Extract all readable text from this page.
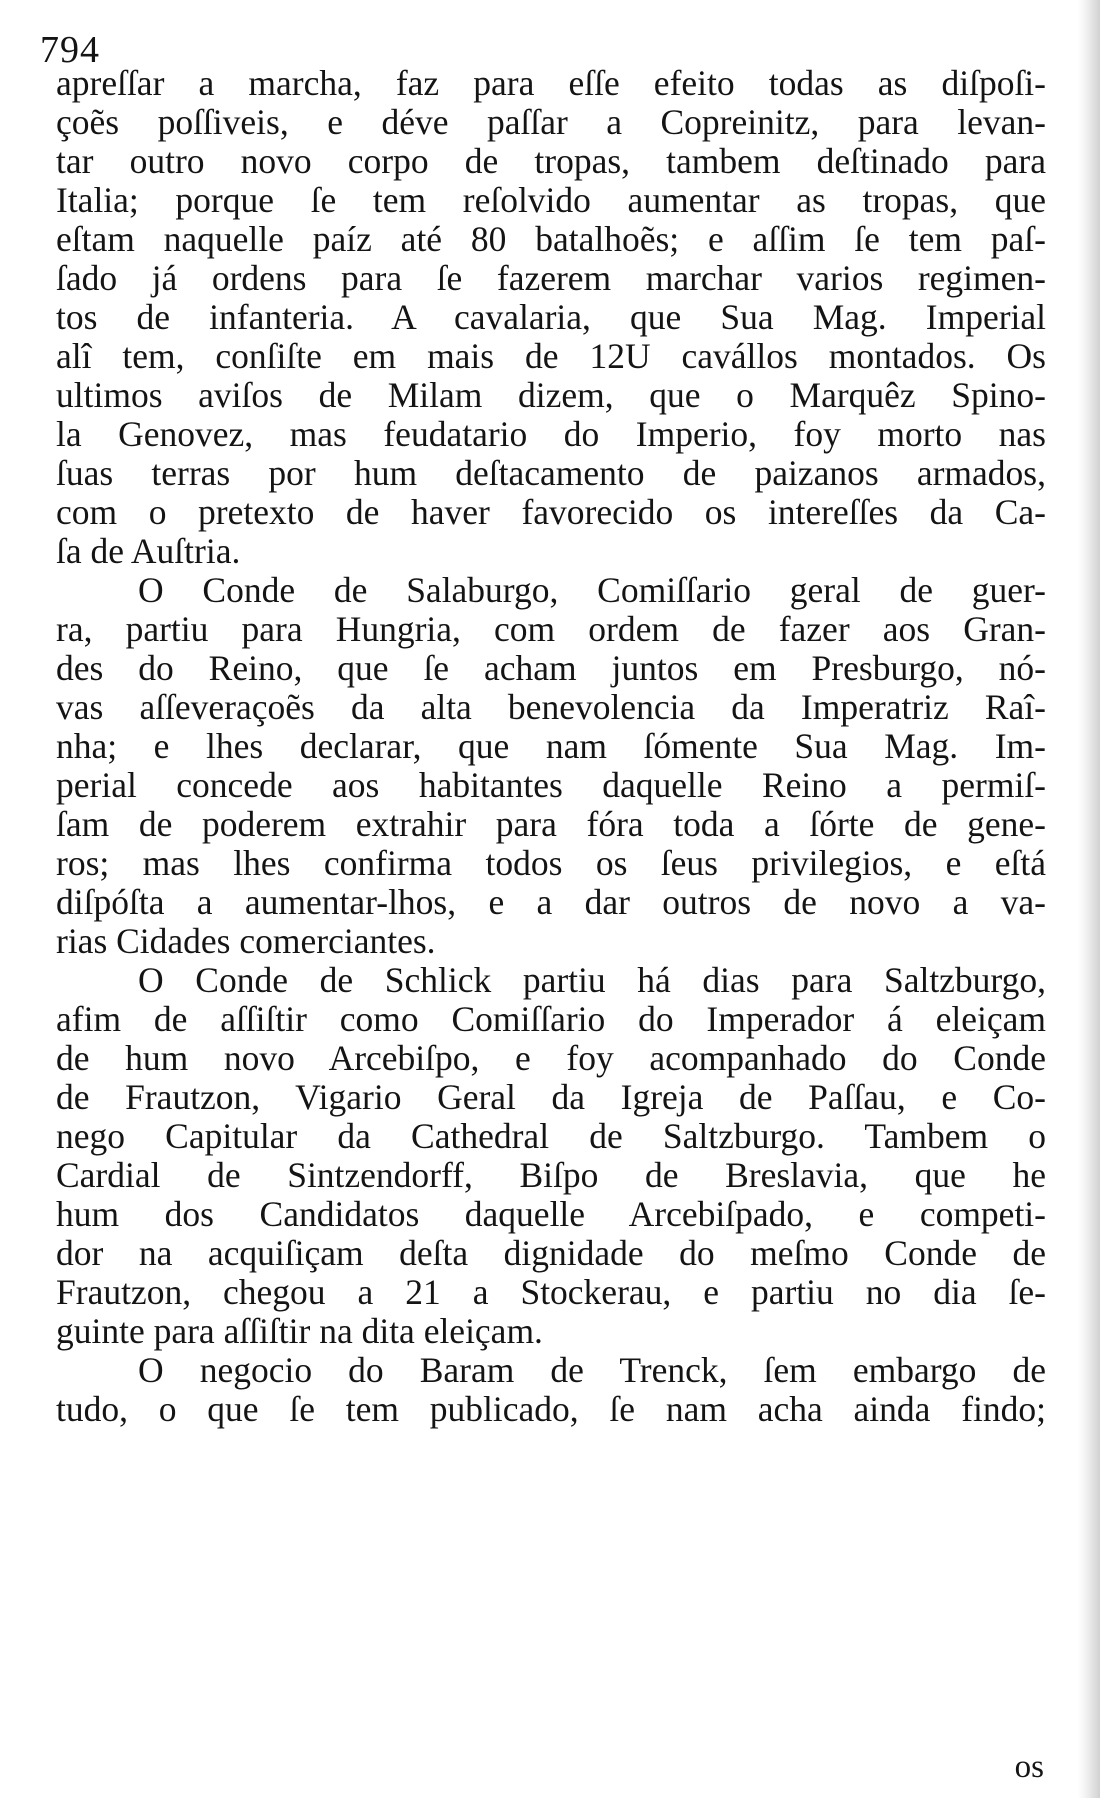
794

apreſſar a marcha, faz para eſſe efeito todas as diſpoſi-
çoẽs poſſiveis, e déve paſſar a Copreinitz, para levan-
tar outro novo corpo de tropas, tambem deſtinado para
Italia; porque ſe tem reſolvido aumentar as tropas, que
eſtam naquelle paíz até 80 batalhoẽs; e aſſim ſe tem paſ-
ſado já ordens para ſe fazerem marchar varios regimen-
tos de infanteria. A cavalaria, que Sua Mag. Imperial
alî tem, conſiſte em mais de 12U cavállos montados. Os
ultimos aviſos de Milam dizem, que o Marquêz Spino-
la Genovez, mas feudatario do Imperio, foy morto nas
ſuas terras por hum deſtacamento de paizanos armados,
com o pretexto de haver favorecido os intereſſes da Ca-
ſa de Auſtria.
O Conde de Salaburgo, Comiſſario geral de guer-
ra, partiu para Hungria, com ordem de fazer aos Gran-
des do Reino, que ſe acham juntos em Presburgo, nó-
vas aſſeveraçoẽs da alta benevolencia da Imperatriz Raî-
nha; e lhes declarar, que nam ſómente Sua Mag. Im-
perial concede aos habitantes daquelle Reino a permiſ-
ſam de poderem extrahir para fóra toda a ſórte de gene-
ros; mas lhes confirma todos os ſeus privilegios, e eſtá
diſpóſta a aumentar-lhos, e a dar outros de novo a va-
rias Cidades comerciantes.
O Conde de Schlick partiu há dias para Saltzburgo,
afim de aſſiſtir como Comiſſario do Imperador á eleiçam
de hum novo Arcebiſpo, e foy acompanhado do Conde
de Frautzon, Vigario Geral da Igreja de Paſſau, e Co-
nego Capitular da Cathedral de Saltzburgo. Tambem o
Cardial de Sintzendorff, Biſpo de Breslavia, que he
hum dos Candidatos daquelle Arcebiſpado, e competi-
dor na acquiſiçam deſta dignidade do meſmo Conde de
Frautzon, chegou a 21 a Stockerau, e partiu no dia ſe-
guinte para aſſiſtir na dita eleiçam.
O negocio do Baram de Trenck, ſem embargo de
tudo, o que ſe tem publicado, ſe nam acha ainda findo;

os
